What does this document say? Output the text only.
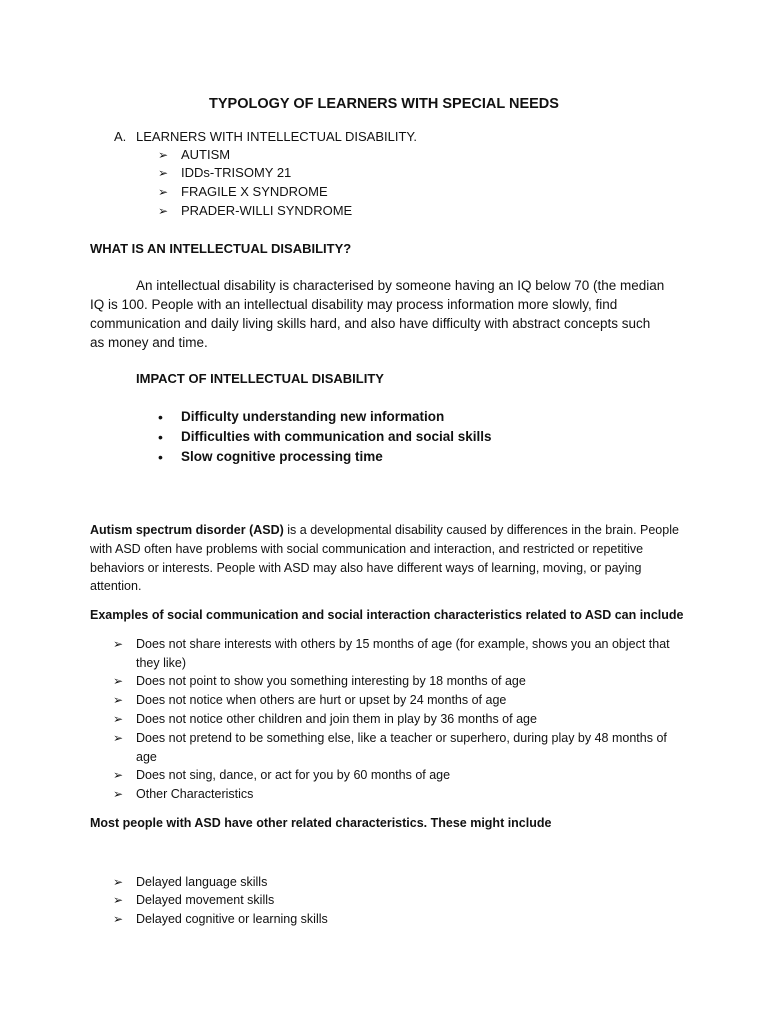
TYPOLOGY OF LEARNERS WITH SPECIAL NEEDS
A. LEARNERS WITH INTELLECTUAL DISABILITY.
➢ AUTISM
➢ IDDs-TRISOMY 21
➢ FRAGILE X SYNDROME
➢ PRADER-WILLI SYNDROME
WHAT IS AN INTELLECTUAL DISABILITY?
An intellectual disability is characterised by someone having an IQ below 70 (the median
IQ is 100. People with an intellectual disability may process information more slowly, find
communication and daily living skills hard, and also have difficulty with abstract concepts such
as money and time.
IMPACT OF INTELLECTUAL DISABILITY
• Difficulty understanding new information
• Difficulties with communication and social skills
• Slow cognitive processing time
Autism spectrum disorder (ASD) is a developmental disability caused by differences in the brain. People
with ASD often have problems with social communication and interaction, and restricted or repetitive
behaviors or interests. People with ASD may also have different ways of learning, moving, or paying
attention.
Examples of social communication and social interaction characteristics related to ASD can include
➢ Does not share interests with others by 15 months of age (for example, shows you an object that
they like)
➢ Does not point to show you something interesting by 18 months of age
➢ Does not notice when others are hurt or upset by 24 months of age
➢ Does not notice other children and join them in play by 36 months of age
➢ Does not pretend to be something else, like a teacher or superhero, during play by 48 months of
age
➢ Does not sing, dance, or act for you by 60 months of age
➢ Other Characteristics
Most people with ASD have other related characteristics. These might include
➢ Delayed language skills
➢ Delayed movement skills
➢ Delayed cognitive or learning skills
